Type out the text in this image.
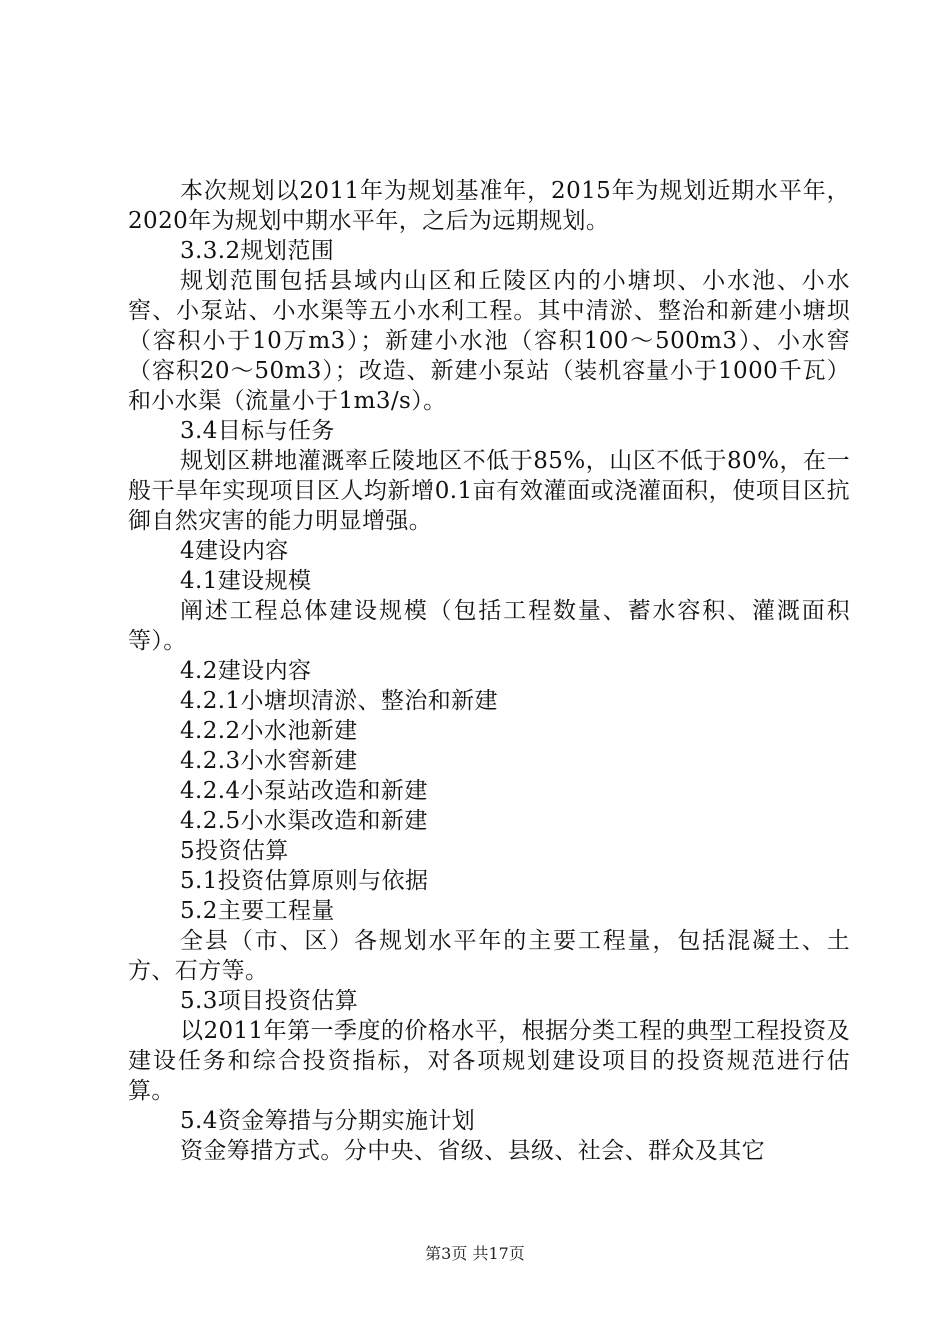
本次规划以2011年为规划基准年，2015年为规划近期水平年，2020年为规划中期水平年，之后为远期规划。

3.3.2规划范围

规划范围包括县域内山区和丘陵区内的小塘坝、小水池、小水窖、小泵站、小水渠等五小水利工程。其中清淤、整治和新建小塘坝（容积小于10万m3）；新建小水池（容积100～500m3）、小水窖（容积20～50m3）；改造、新建小泵站（装机容量小于1000千瓦）和小水渠（流量小于1m3/s）。

3.4目标与任务

规划区耕地灌溉率丘陵地区不低于85%，山区不低于80%，在一般干旱年实现项目区人均新增0.1亩有效灌面或浇灌面积，使项目区抗御自然灾害的能力明显增强。

4建设内容

4.1建设规模

阐述工程总体建设规模（包括工程数量、蓄水容积、灌溉面积等）。

4.2建设内容

4.2.1小塘坝清淤、整治和新建

4.2.2小水池新建

4.2.3小水窖新建

4.2.4小泵站改造和新建

4.2.5小水渠改造和新建

5投资估算

5.1投资估算原则与依据

5.2主要工程量

全县（市、区）各规划水平年的主要工程量，包括混凝土、土方、石方等。

5.3项目投资估算

以2011年第一季度的价格水平，根据分类工程的典型工程投资及建设任务和综合投资指标，对各项规划建设项目的投资规范进行估算。

5.4资金筹措与分期实施计划

资金筹措方式。分中央、省级、县级、社会、群众及其它

第3页 共17页
